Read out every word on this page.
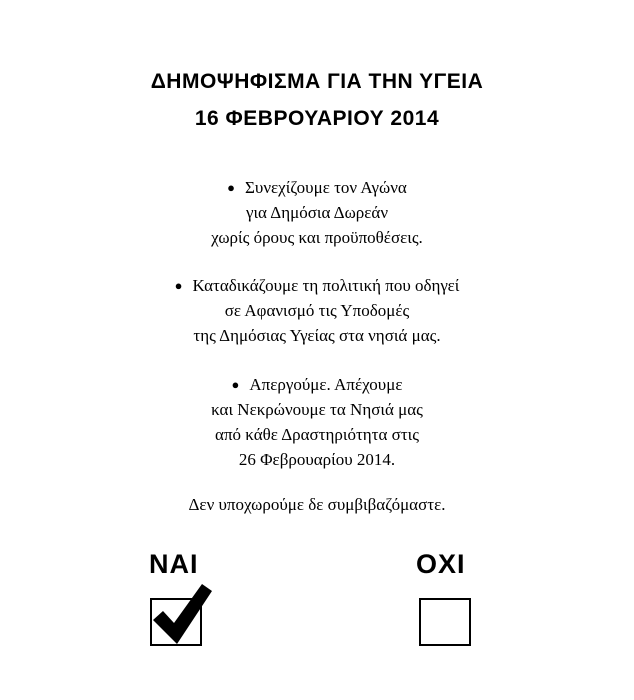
ΔΗΜΟΨΗΦΙΣΜΑ ΓΙΑ ΤΗΝ ΥΓΕΙΑ
16 ΦΕΒΡΟΥΑΡΙΟΥ 2014
● Συνεχίζουμε τον Αγώνα
για Δημόσια Δωρεάν
χωρίς όρους και προϋποθέσεις.
● Καταδικάζουμε τη πολιτική που οδηγεί
σε Αφανισμό τις Υποδομές
της Δημόσιας Υγείας στα νησιά μας.
● Απεργούμε. Απέχουμε
και Νεκρώνουμε τα Νησιά μας
από κάθε Δραστηριότητα στις
26 Φεβρουαρίου 2014.
Δεν υποχωρούμε δε συμβιβαζόμαστε.
ΝΑΙ	ΟΧΙ
